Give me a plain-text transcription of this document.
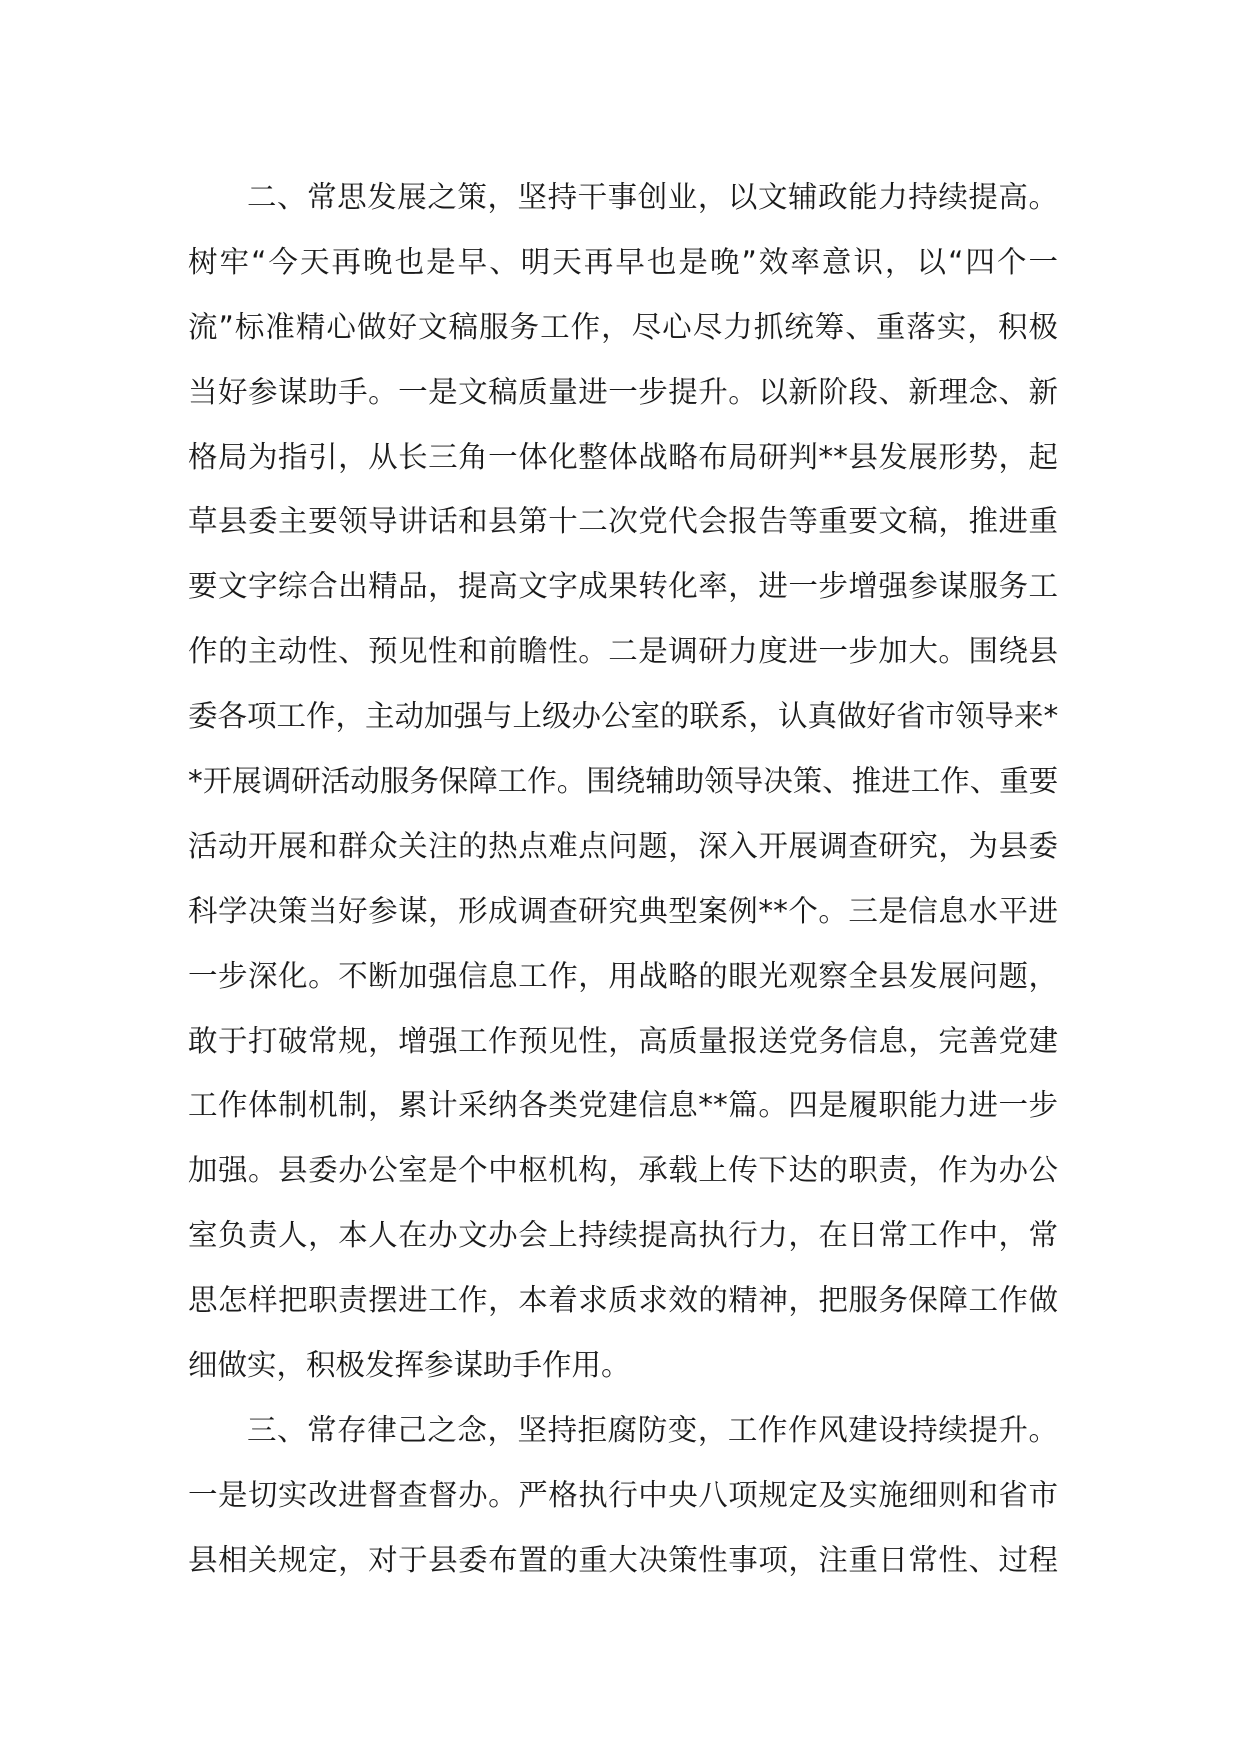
二、常思发展之策，坚持干事创业，以文辅政能力持续提高。
树牢“今天再晚也是早、明天再早也是晚”效率意识，以“四个一
流”标准精心做好文稿服务工作，尽心尽力抓统筹、重落实，积极
当好参谋助手。一是文稿质量进一步提升。以新阶段、新理念、新
格局为指引，从长三角一体化整体战略布局研判**县发展形势，起
草县委主要领导讲话和县第十二次党代会报告等重要文稿，推进重
要文字综合出精品，提高文字成果转化率，进一步增强参谋服务工
作的主动性、预见性和前瞻性。二是调研力度进一步加大。围绕县
委各项工作，主动加强与上级办公室的联系，认真做好省市领导来*
*开展调研活动服务保障工作。围绕辅助领导决策、推进工作、重要
活动开展和群众关注的热点难点问题，深入开展调查研究，为县委
科学决策当好参谋，形成调查研究典型案例**个。三是信息水平进
一步深化。不断加强信息工作，用战略的眼光观察全县发展问题，
敢于打破常规，增强工作预见性，高质量报送党务信息，完善党建
工作体制机制，累计采纳各类党建信息**篇。四是履职能力进一步
加强。县委办公室是个中枢机构，承载上传下达的职责，作为办公
室负责人，本人在办文办会上持续提高执行力，在日常工作中，常
思怎样把职责摆进工作，本着求质求效的精神，把服务保障工作做
细做实，积极发挥参谋助手作用。
三、常存律己之念，坚持拒腐防变，工作作风建设持续提升。
一是切实改进督查督办。严格执行中央八项规定及实施细则和省市
县相关规定，对于县委布置的重大决策性事项，注重日常性、过程
